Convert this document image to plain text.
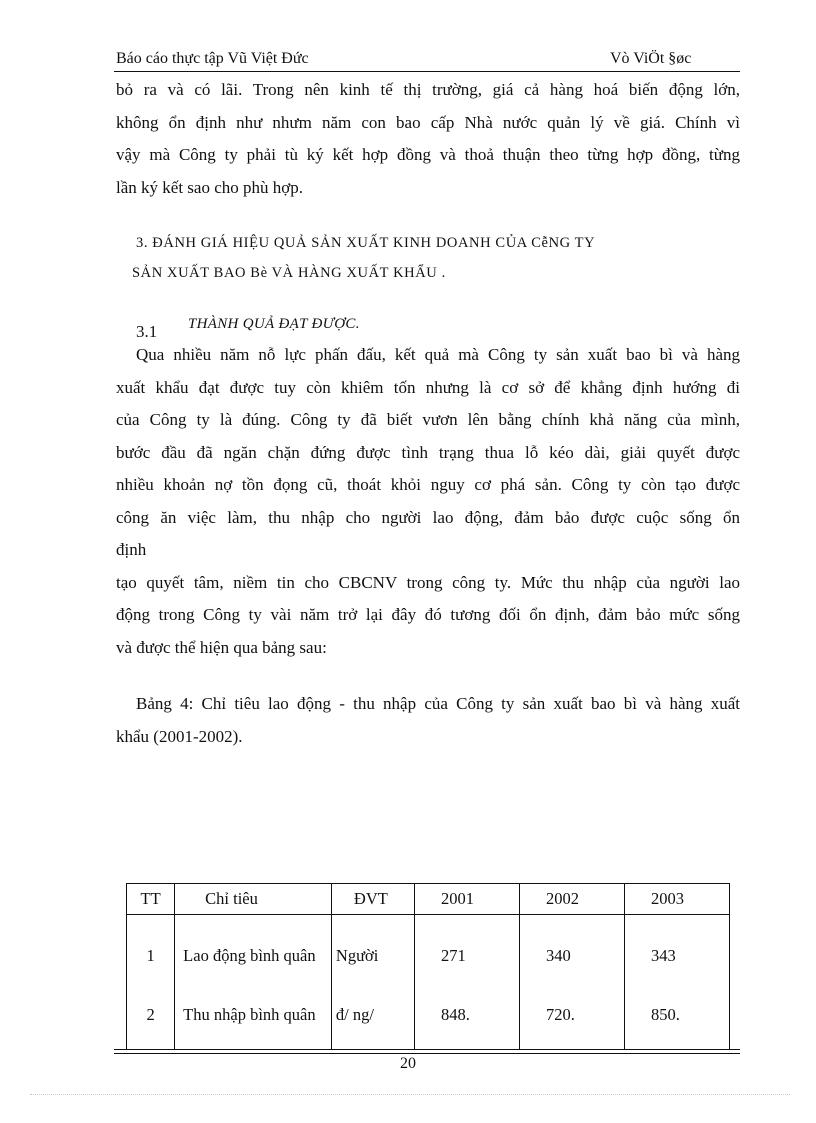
Báo cáo thực tập Vũ Việt Đức	Vò ViÖt §øc
bỏ ra và có lãi. Trong nên kinh tế thị trường, giá cả hàng hoá biến động lớn,
không ổn định như nhưm năm con bao cấp Nhà nước quản lý về giá. Chính vì
vậy mà Công ty phải tù ký kết hợp đồng và thoả thuận theo từng hợp đồng, từng
lần ký kết sao cho phù hợp.
3. ĐÁNH GIÁ HIỆU QUẢ SẢN XUẤT KINH DOANH CỦA CễNG TY
SẢN XUẤT BAO Bè VÀ HÀNG XUẤT KHẨU .
3.1 THÀNH QUẢ ĐẠT ĐƯỢC.
Qua nhiều năm nỗ lực phấn đấu, kết quả mà Công ty sản xuất bao bì và hàng
xuất khẩu đạt được tuy còn khiêm tốn nhưng là cơ sở để khẳng định hướng đi
của Công ty là đúng. Công ty đã biết vươn lên bằng chính khả năng của mình,
bước đầu đã ngăn chặn đứng được tình trạng thua lỗ kéo dài, giải quyết được
nhiều khoản nợ tồn đọng cũ, thoát khỏi nguy cơ phá sản. Công ty còn tạo được
công ăn việc làm, thu nhập cho người lao động, đảm bảo được cuộc sống ổn
định
tạo quyết tâm, niềm tin cho CBCNV trong công ty. Mức thu nhập của người lao
động trong Công ty vài năm trở lại đây đó tương đối ổn định, đảm bảo mức sống
và được thể hiện qua bảng sau:
Bảng 4: Chỉ tiêu lao động - thu nhập của Công ty sản xuất bao bì và hàng xuất
khẩu (2001-2002).
TT	Chỉ tiêu	ĐVT	2001	2002	2003
1	Lao động bình quân	Người	271	340	343
2	Thu nhập bình quân	đ/ ng/	848.	720.	850.
20
